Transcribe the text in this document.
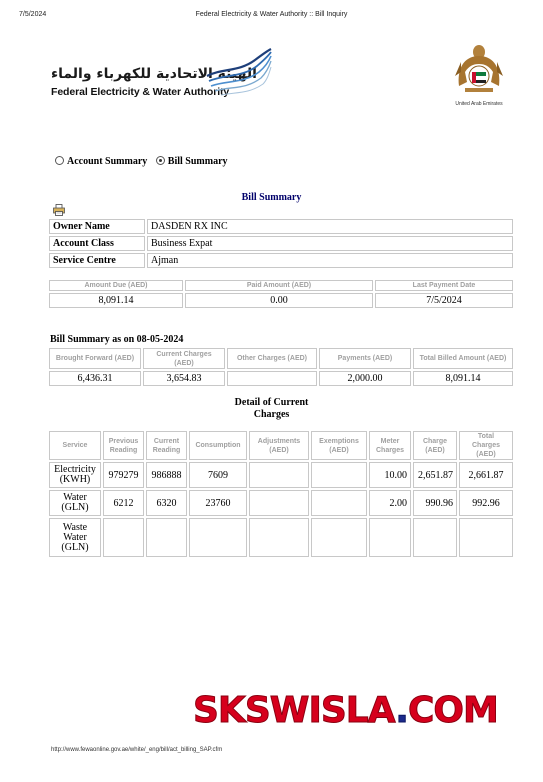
7/5/2024	Federal Electricity & Water Authority :: Bill Inquiry
الهيئة الاتحادية للكهرباء والماء
Federal Electricity & Water Authority
United Arab Emirates
Account Summary Bill Summary
Bill Summary
Owner Name	DASDEN RX INC
Account Class	Business Expat
Service Centre	Ajman
Amount Due (AED)	Paid Amount (AED)	Last Payment Date
8,091.14	0.00	7/5/2024
Bill Summary as on 08-05-2024
Brought Forward (AED)	Current Charges (AED)	Other Charges (AED)	Payments (AED)	Total Billed Amount (AED)
6,436.31	3,654.83		2,000.00	8,091.14
Detail of Current
Charges
Service	Previous Reading	Current Reading	Consumption	Adjustments (AED)	Exemptions (AED)	Meter Charges	Charge (AED)	Total Charges (AED)
Electricity (KWH)	979279	986888	7609			10.00	2,651.87	2,661.87
Water (GLN)	6212	6320	23760			2.00	990.96	992.96
Waste Water (GLN)								
SKSWISLA.COM
http://www.fewaonline.gov.ae/white/_eng/bill/act_billing_SAP.cfm
